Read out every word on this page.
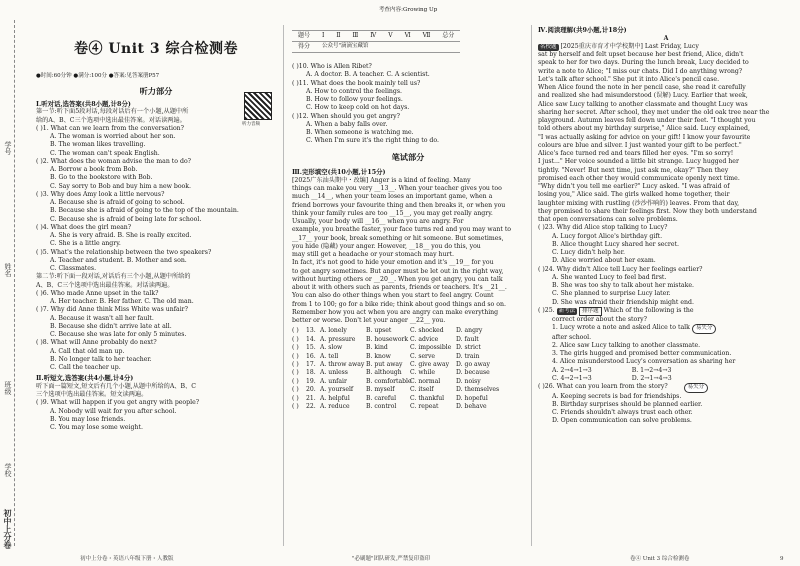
学号
姓名
班级
学校
初中上分卷
卷④ Unit 3 综合检测卷
●时间:60分钟 ●满分:100分 ●答案:见答案册P57
听力部分
Ⅰ.听对话,选答案(共8小题,计8分)
第一节:听下面5段对话,每段对话后有一个小题,从题中所
给的A、B、C三个选项中选出最佳答案。对话读两遍。
( )1. What can we learn from the conversation?
A. The woman is worried about her son.
B. The woman likes travelling.
C. The woman can't speak English.
( )2. What does the woman advise the man to do?
A. Borrow a book from Bob.
B. Go to the bookstore with Bob.
C. Say sorry to Bob and buy him a new book.
( )3. Why does Amy look a little nervous?
A. Because she is afraid of going to school.
B. Because she is afraid of going to the top of the mountain.
C. Because she is afraid of being late for school.
( )4. What does the girl mean?
A. She is very afraid. B. She is really excited.
C. She is a little angry.
( )5. What's the relationship between the two speakers?
A. Teacher and student. B. Mother and son.
C. Classmates.
第二节:听下面一段对话,对话后有三个小题,从题中所给的
A、B、C三个选项中选出最佳答案。对话读两遍。
( )6. Who made Anne upset in the talk?
A. Her teacher. B. Her father. C. The old man.
( )7. Why did Anne think Miss White was unfair?
A. Because it wasn't all her fault.
B. Because she didn't arrive late at all.
C. Because she was late for only 5 minutes.
( )8. What will Anne probably do next?
A. Call that old man up.
B. No longer talk to her teacher.
C. Call the teacher up.
Ⅱ.听短文,选答案(共4小题,计4分)
听下面一篇短文,短文后有几个小题,从题中所给的A、B、C
三个选项中选出最佳答案。短文读两遍。
( )9. What will happen if you get angry with people?
A. Nobody will wait for you after school.
B. You may lose friends.
C. You may lose some weight.
听力音频
初中上分卷・英语八年级下册・人教版
考查内容:Growing Up
题号	Ⅰ	Ⅱ	Ⅲ	Ⅳ	Ⅴ	Ⅵ	Ⅶ	总分
得分	公众号"滴滴宝藏馆							
( )10. Who is Allen Ribet?
A. A doctor. B. A teacher. C. A scientist.
( )11. What does the book mainly tell us?
A. How to control the feelings.
B. How to follow your feelings.
C. How to keep cold on hot days.
( )12. When should you get angry?
A. When a baby falls over.
B. When someone is watching me.
C. When I'm sure it's the right thing to do.
笔试部分
Ⅲ.完形填空(共10小题,计15分)
[2025广东汕头期中・改编] Anger is a kind of feeling. Many
things can make you very __13__. When your teacher gives you too
much __14__, when your team loses an important game, when a
friend borrows your favourite thing and then breaks it, or when you
think your family rules are too __15__, you may get really angry.
Usually, your body will __16__ when you are angry. For
example, you breathe faster, your face turns red and you may want to
__17__ your book, break something or hit someone. But sometimes,
you hide (隐藏) your anger. However, __18__ you do this, you
may still get a headache or your stomach may hurt.
In fact, it's not good to hide your emotion and it's __19__ for you
to get angry sometimes. But anger must be let out in the right way,
without hurting others or __20__. When you get angry, you can talk
about it with others such as parents, friends or teachers. It's __21__.
You can also do other things when you start to feel angry. Count
from 1 to 100; go for a bike ride; think about good things and so on.
Remember how you act when you are angry can make everything
better or worse. Don't let your anger __22__ you.
( )	13. A. lonely	B. upset	C. shocked	D. angry
( )	14. A. pressure	B. housework C. advice	D. fault
( )	15. A. slow	B. kind	C. impossible D. strict
( )	16. A. tell	B. know	C. serve	D. train
( )	17. A. throw away B. put away	C. give away	D. go away
( )	18. A. unless	B. although	C. while	D. because
( )	19. A. unfair	B. comfortable
C. normal	D. noisy
( )	20. A. yourself	B. myself	C. itself	D. themselves
( )	21. A. helpful	B. careful	C. thankful	D. hopeful
( )	22. A. reduce	B. control	C. repeat	D. behave
"必刷题"团队研发,严禁复印盗印
Ⅳ.阅读理解(共9小题,计18分)
A
名校题 [2025重庆市育才中学校期中] Last Friday, Lucy
sat by herself and felt upset because her best friend, Alice, didn't
speak to her for two days. During the lunch break, Lucy decided to
write a note to Alice; "I miss our chats. Did I do anything wrong?
Let's talk after school." She put it into Alice's pencil case.
When Alice found the note in her pencil case, she read it carefully
and realized she had misunderstood (误解) Lucy. Earlier that week,
Alice saw Lucy talking to another classmate and thought Lucy was
sharing her secret. After school, they met under the old oak tree near the
playground. Autumn leaves fell down under their feet. "I thought you
told others about my birthday surprise," Alice said. Lucy explained,
"I was actually asking for advice on your gift! I know your favourite
colours are blue and silver. I just wanted your gift to be perfect."
Alice's face turned red and tears filled her eyes. "I'm so sorry!
I just..." Her voice sounded a little bit strange. Lucy hugged her
tightly. "Never! But next time, just ask me, okay?" Then they
promised each other they would communicate openly next time.
"Why didn't you tell me earlier?" Lucy asked. "I was afraid of
losing you," Alice said. The girls walked home together, their
laughter mixing with rustling (沙沙作响的) leaves. From that day,
they promised to share their feelings first. Now they both understand
that open conversations can solve problems.
( )23. Why did Alice stop talking to Lucy?
A. Lucy forgot Alice's birthday gift.
B. Alice thought Lucy shared her secret.
C. Lucy didn't help her.
D. Alice worried about her exam.
( )24. Why didn't Alice tell Lucy her feelings earlier?
A. She wanted Lucy to feel bad first.
B. She was too shy to talk about her mistake.
C. She planned to surprise Lucy later.
D. She was afraid their friendship might end.
( )25. 新考法 排序题 Which of the following is the
correct order about the story?
1. Lucy wrote a note and asked Alice to talk 易失分
after school.
2. Alice saw Lucy talking to another classmate.
3. The girls hugged and promised better communication.
4. Alice misunderstood Lucy's conversation as sharing her
A. 2→4→1→3	B. 1→2→4→3
C. 4→2→1→3	D. 2→1→4→3
( )26. What can you learn from the story?	易失分
A. Keeping secrets is bad for friendships.
B. Birthday surprises should be planned earlier.
C. Friends shouldn't always trust each other.
D. Open communication can solve problems.
卷④ Unit 3 综合检测卷	9
